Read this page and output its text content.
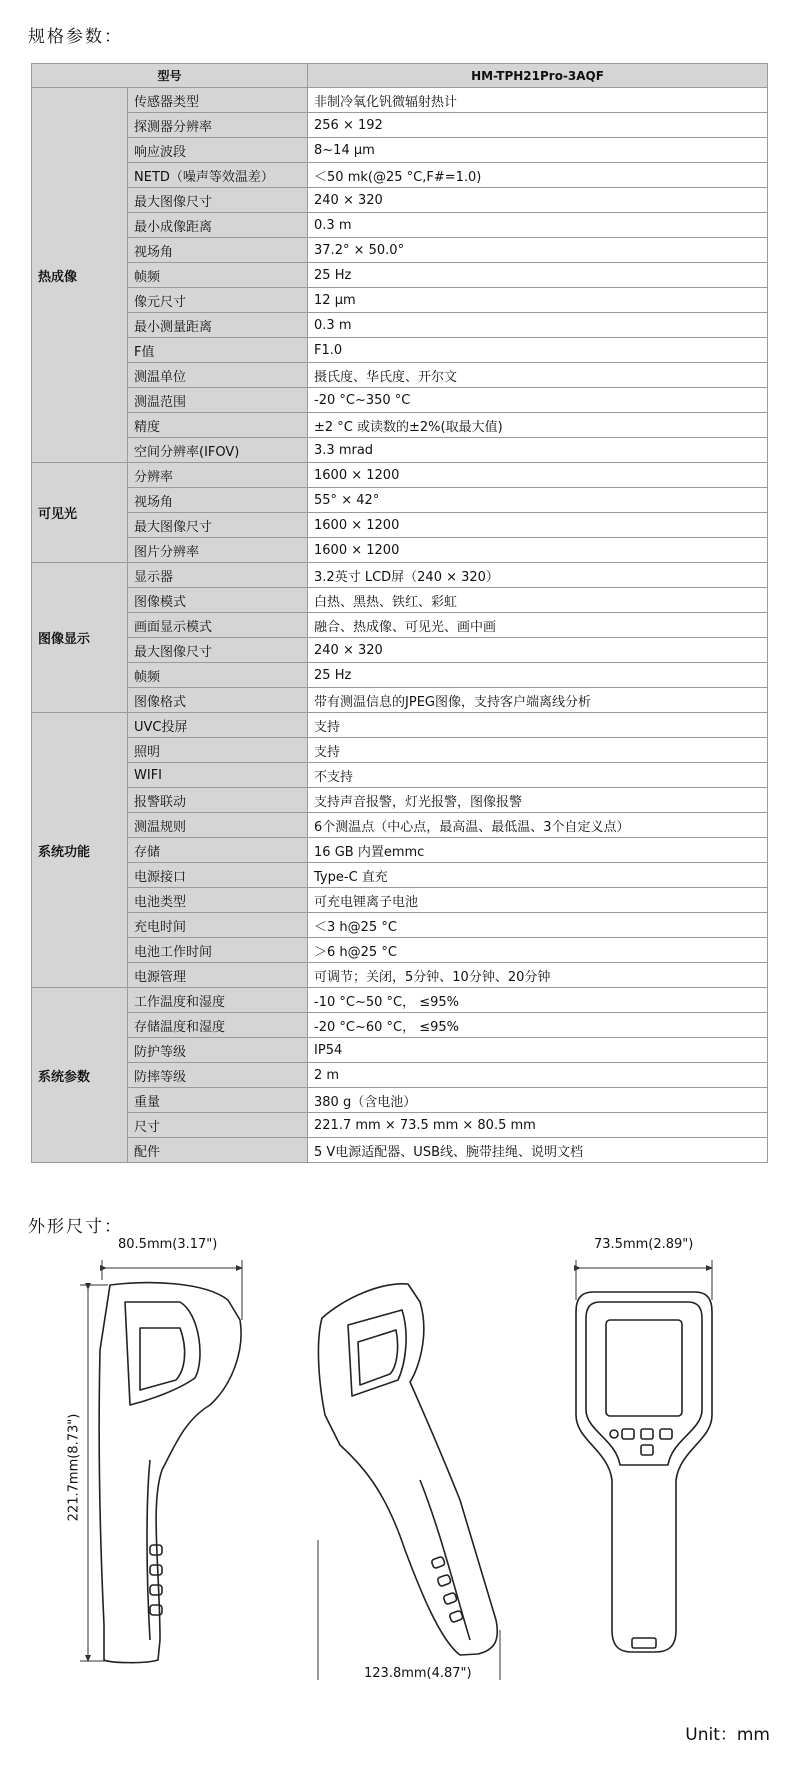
规格参数：
型号		HM-TPH21Pro-3AQF
热成像	传感器类型	非制冷氧化钒微辐射热计
	探测器分辨率	256 × 192
	响应波段	8~14 μm
	NETD（噪声等效温差）	＜50 mk(@25 °C,F#=1.0)
	最大图像尺寸	240 × 320
	最小成像距离	0.3 m
	视场角	37.2° × 50.0°
	帧频	25 Hz
	像元尺寸	12 μm
	最小测量距离	0.3 m
	F值	F1.0
	测温单位	摄氏度、华氏度、开尔文
	测温范围	-20 °C~350 °C
	精度	±2 °C 或读数的±2%(取最大值)
	空间分辨率(IFOV)	3.3 mrad
可见光	分辨率	1600 × 1200
	视场角	55° × 42°
	最大图像尺寸	1600 × 1200
	图片分辨率	1600 × 1200
图像显示	显示器	3.2英寸 LCD屏（240 × 320）
	图像模式	白热、黑热、铁红、彩虹
	画面显示模式	融合、热成像、可见光、画中画
	最大图像尺寸	240 × 320
	帧频	25 Hz
	图像格式	带有测温信息的JPEG图像，支持客户端离线分析
系统功能	UVC投屏	支持
	照明	支持
	WIFI	不支持
	报警联动	支持声音报警，灯光报警，图像报警
	测温规则	6个测温点（中心点，最高温、最低温、3个自定义点）
	存储	16 GB 内置emmc
	电源接口	Type-C 直充
	电池类型	可充电锂离子电池
	充电时间	＜3 h@25 °C
	电池工作时间	＞6 h@25 °C
	电源管理	可调节；关闭，5分钟、10分钟、20分钟
系统参数	工作温度和湿度	-10 °C~50 °C， ≤95%
	存储温度和湿度	-20 °C~60 °C， ≤95%
	防护等级	IP54
	防摔等级	2 m
	重量	380 g（含电池）
	尺寸	221.7 mm × 73.5 mm × 80.5 mm
	配件	5 V电源适配器、USB线、腕带挂绳、说明文档
外形尺寸：
80.5mm(3.17")	73.5mm(2.89")
123.8mm(4.87")
221.7mm(8.73")
Unit：mm
